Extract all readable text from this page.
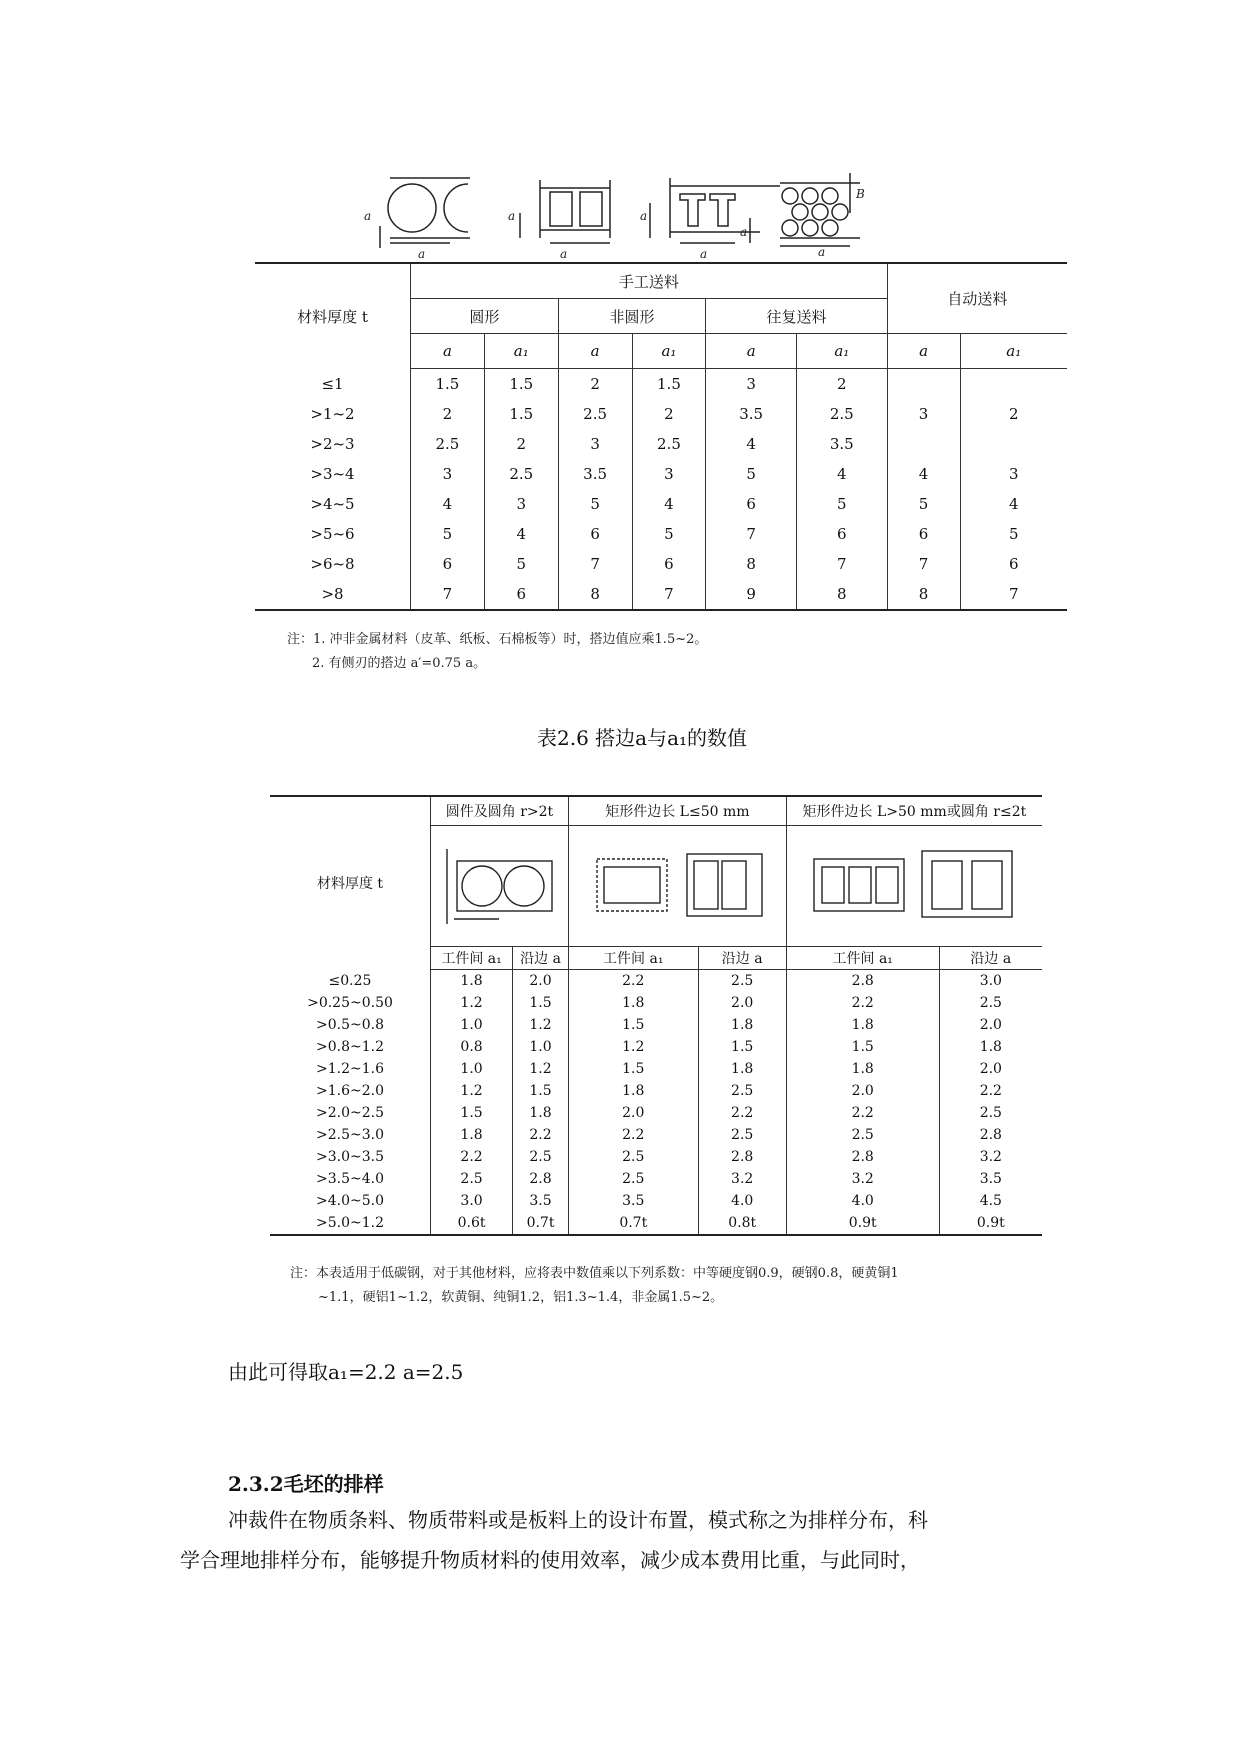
a
a
a
a
a
a
a
a
B
材料厚度 t	手工送料						自动送料	
	圆形		非圆形		往复送料			
	a	a₁	a	a₁	a	a₁	a	a₁
≤1	1.5	1.5	2	1.5	3	2		
>1~2	2	1.5	2.5	2	3.5	2.5	3	2
>2~3	2.5	2	3	2.5	4	3.5		
>3~4	3	2.5	3.5	3	5	4	4	3
>4~5	4	3	5	4	6	5	5	4
>5~6	5	4	6	5	7	6	6	5
>6~8	6	5	7	6	8	7	7	6
>8	7	6	8	7	9	8	8	7
注：1. 冲非金属材料（皮革、纸板、石棉板等）时，搭边值应乘1.5~2。
2. 有侧刃的搭边 a′=0.75 a。
表2.6 搭边a与a₁的数值
材料厚度 t	圆件及圆角 r>2t		矩形件边长 L≤50 mm		矩形件边长 L>50 mm或圆角 r≤2t	

	工件间 a₁	沿边 a	工件间 a₁	沿边 a	工件间 a₁	沿边 a
≤0.25	1.8	2.0	2.2	2.5	2.8	3.0
>0.25~0.50	1.2	1.5	1.8	2.0	2.2	2.5
>0.5~0.8	1.0	1.2	1.5	1.8	1.8	2.0
>0.8~1.2	0.8	1.0	1.2	1.5	1.5	1.8
>1.2~1.6	1.0	1.2	1.5	1.8	1.8	2.0
>1.6~2.0	1.2	1.5	1.8	2.5	2.0	2.2
>2.0~2.5	1.5	1.8	2.0	2.2	2.2	2.5
>2.5~3.0	1.8	2.2	2.2	2.5	2.5	2.8
>3.0~3.5	2.2	2.5	2.5	2.8	2.8	3.2
>3.5~4.0	2.5	2.8	2.5	3.2	3.2	3.5
>4.0~5.0	3.0	3.5	3.5	4.0	4.0	4.5
>5.0~1.2	0.6t	0.7t	0.7t	0.8t	0.9t	0.9t
注：本表适用于低碳钢，对于其他材料，应将表中数值乘以下列系数：中等硬度钢0.9，硬钢0.8，硬黄铜1
~1.1，硬铝1~1.2，软黄铜、纯铜1.2，铝1.3~1.4，非金属1.5~2。
由此可得取a₁=2.2 a=2.5
2.3.2毛坯的排样
冲裁件在物质条料、物质带料或是板料上的设计布置，模式称之为排样分布，科
学合理地排样分布，能够提升物质材料的使用效率，减少成本费用比重，与此同时，
